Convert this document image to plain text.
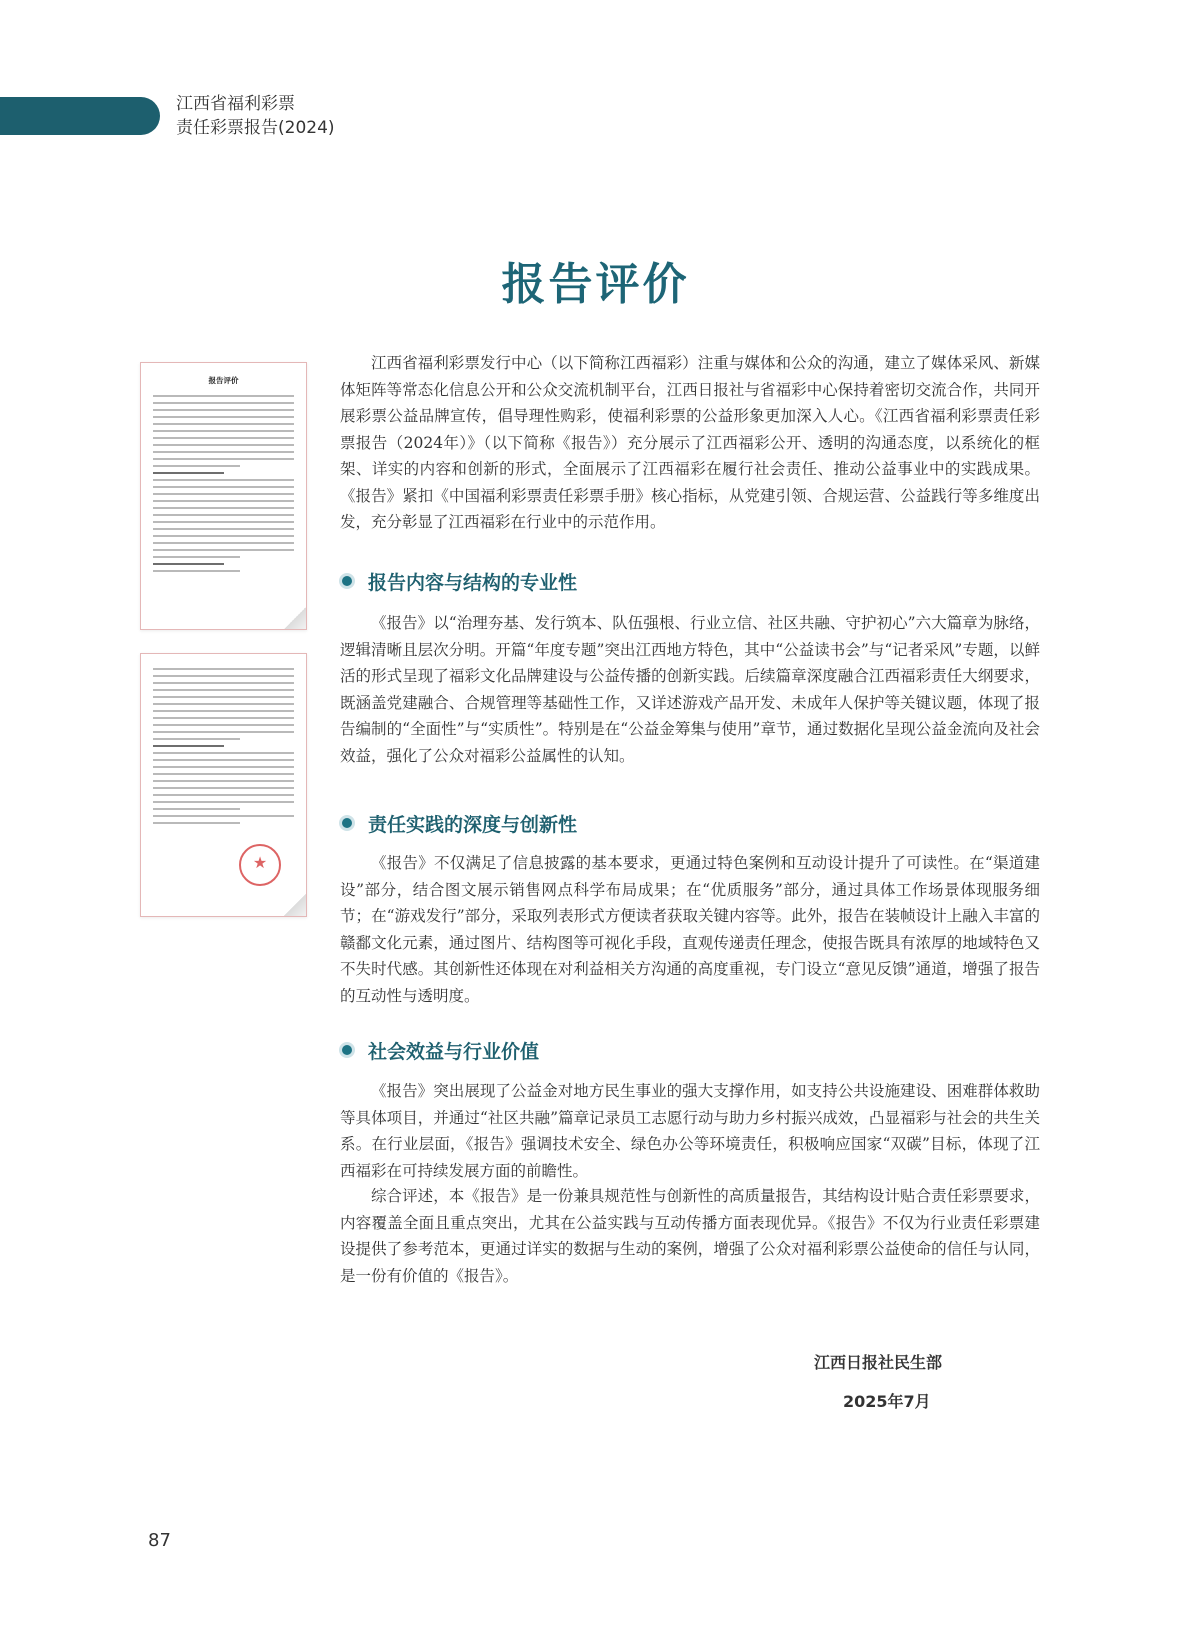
江西省福利彩票
责任彩票报告(2024)
报告评价
报告评价
★

江西省福利彩票发行中心（以下简称江西福彩）注重与媒体和公众的沟通，建立了媒体采风、新媒体矩阵等常态化信息公开和公众交流机制平台，江西日报社与省福彩中心保持着密切交流合作，共同开展彩票公益品牌宣传，倡导理性购彩，使福利彩票的公益形象更加深入人心。《江西省福利彩票责任彩票报告（2024年）》（以下简称《报告》）充分展示了江西福彩公开、透明的沟通态度，以系统化的框架、详实的内容和创新的形式，全面展示了江西福彩在履行社会责任、推动公益事业中的实践成果。《报告》紧扣《中国福利彩票责任彩票手册》核心指标，从党建引领、合规运营、公益践行等多维度出发，充分彰显了江西福彩在行业中的示范作用。

报告内容与结构的专业性

《报告》以“治理夯基、发行筑本、队伍强根、行业立信、社区共融、守护初心”六大篇章为脉络，逻辑清晰且层次分明。开篇“年度专题”突出江西地方特色，其中“公益读书会”与“记者采风”专题，以鲜活的形式呈现了福彩文化品牌建设与公益传播的创新实践。后续篇章深度融合江西福彩责任大纲要求，既涵盖党建融合、合规管理等基础性工作，又详述游戏产品开发、未成年人保护等关键议题，体现了报告编制的“全面性”与“实质性”。特别是在“公益金筹集与使用”章节，通过数据化呈现公益金流向及社会效益，强化了公众对福彩公益属性的认知。

责任实践的深度与创新性

《报告》不仅满足了信息披露的基本要求，更通过特色案例和互动设计提升了可读性。在“渠道建设”部分，结合图文展示销售网点科学布局成果；在“优质服务”部分，通过具体工作场景体现服务细节；在“游戏发行”部分，采取列表形式方便读者获取关键内容等。此外，报告在装帧设计上融入丰富的赣鄱文化元素，通过图片、结构图等可视化手段，直观传递责任理念，使报告既具有浓厚的地域特色又不失时代感。其创新性还体现在对利益相关方沟通的高度重视，专门设立“意见反馈”通道，增强了报告的互动性与透明度。

社会效益与行业价值

《报告》突出展现了公益金对地方民生事业的强大支撑作用，如支持公共设施建设、困难群体救助等具体项目，并通过“社区共融”篇章记录员工志愿行动与助力乡村振兴成效，凸显福彩与社会的共生关系。在行业层面，《报告》强调技术安全、绿色办公等环境责任，积极响应国家“双碳”目标，体现了江西福彩在可持续发展方面的前瞻性。

综合评述，本《报告》是一份兼具规范性与创新性的高质量报告，其结构设计贴合责任彩票要求，内容覆盖全面且重点突出，尤其在公益实践与互动传播方面表现优异。《报告》不仅为行业责任彩票建设提供了参考范本，更通过详实的数据与生动的案例，增强了公众对福利彩票公益使命的信任与认同，是一份有价值的《报告》。

江西日报社民生部
2025年7月
87
